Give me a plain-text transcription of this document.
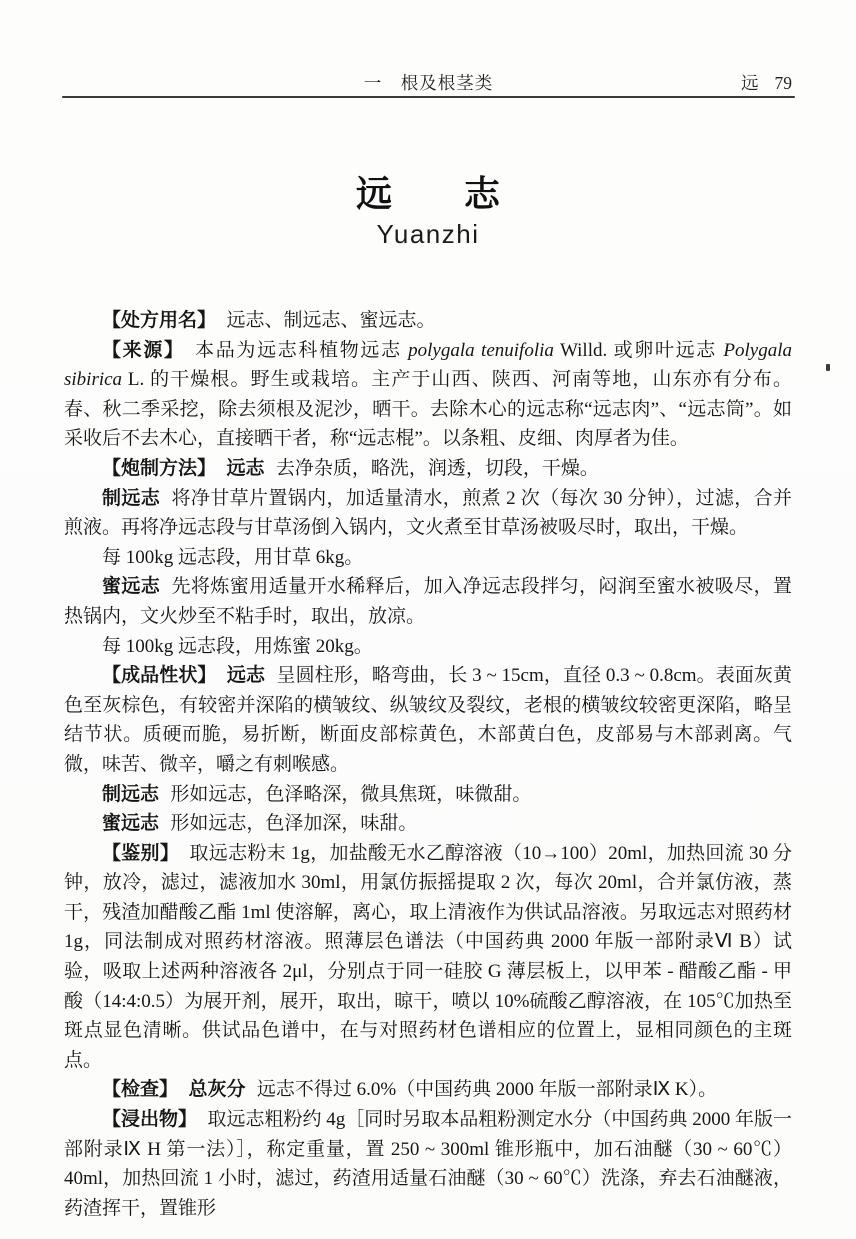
一　根及根茎类	远 79
远　　志
Yuanzhi

【处方用名】 远志、制远志、蜜远志。

【来源】 本品为远志科植物远志 polygala tenuifolia Willd. 或卵叶远志 Polygala sibirica L. 的干燥根。野生或栽培。主产于山西、陕西、河南等地，山东亦有分布。春、秋二季采挖，除去须根及泥沙，晒干。去除木心的远志称“远志肉”、“远志筒”。如采收后不去木心，直接晒干者，称“远志棍”。以条粗、皮细、肉厚者为佳。

【炮制方法】 远志 去净杂质，略洗，润透，切段，干燥。

制远志 将净甘草片置锅内，加适量清水，煎煮 2 次（每次 30 分钟），过滤，合并煎液。再将净远志段与甘草汤倒入锅内，文火煮至甘草汤被吸尽时，取出，干燥。

每 100kg 远志段，用甘草 6kg。

蜜远志 先将炼蜜用适量开水稀释后，加入净远志段拌匀，闷润至蜜水被吸尽，置热锅内，文火炒至不粘手时，取出，放凉。

每 100kg 远志段，用炼蜜 20kg。

【成品性状】 远志 呈圆柱形，略弯曲，长 3 ~ 15cm，直径 0.3 ~ 0.8cm。表面灰黄色至灰棕色，有较密并深陷的横皱纹、纵皱纹及裂纹，老根的横皱纹较密更深陷，略呈结节状。质硬而脆，易折断，断面皮部棕黄色，木部黄白色，皮部易与木部剥离。气微，味苦、微辛，嚼之有刺喉感。

制远志 形如远志，色泽略深，微具焦斑，味微甜。

蜜远志 形如远志，色泽加深，味甜。

【鉴别】 取远志粉末 1g，加盐酸无水乙醇溶液（10→100）20ml，加热回流 30 分钟，放冷，滤过，滤液加水 30ml，用氯仿振摇提取 2 次，每次 20ml，合并氯仿液，蒸干，残渣加醋酸乙酯 1ml 使溶解，离心，取上清液作为供试品溶液。另取远志对照药材 1g，同法制成对照药材溶液。照薄层色谱法（中国药典 2000 年版一部附录Ⅵ B）试验，吸取上述两种溶液各 2μl，分别点于同一硅胶 G 薄层板上，以甲苯 - 醋酸乙酯 - 甲酸（14:4:0.5）为展开剂，展开，取出，晾干，喷以 10%硫酸乙醇溶液，在 105℃加热至斑点显色清晰。供试品色谱中，在与对照药材色谱相应的位置上，显相同颜色的主斑点。

【检查】 总灰分 远志不得过 6.0%（中国药典 2000 年版一部附录Ⅸ K）。

【浸出物】 取远志粗粉约 4g［同时另取本品粗粉测定水分（中国药典 2000 年版一部附录Ⅸ H 第一法）］，称定重量，置 250 ~ 300ml 锥形瓶中，加石油醚（30 ~ 60℃）40ml，加热回流 1 小时，滤过，药渣用适量石油醚（30 ~ 60℃）洗涤，弃去石油醚液，药渣挥干，置锥形
